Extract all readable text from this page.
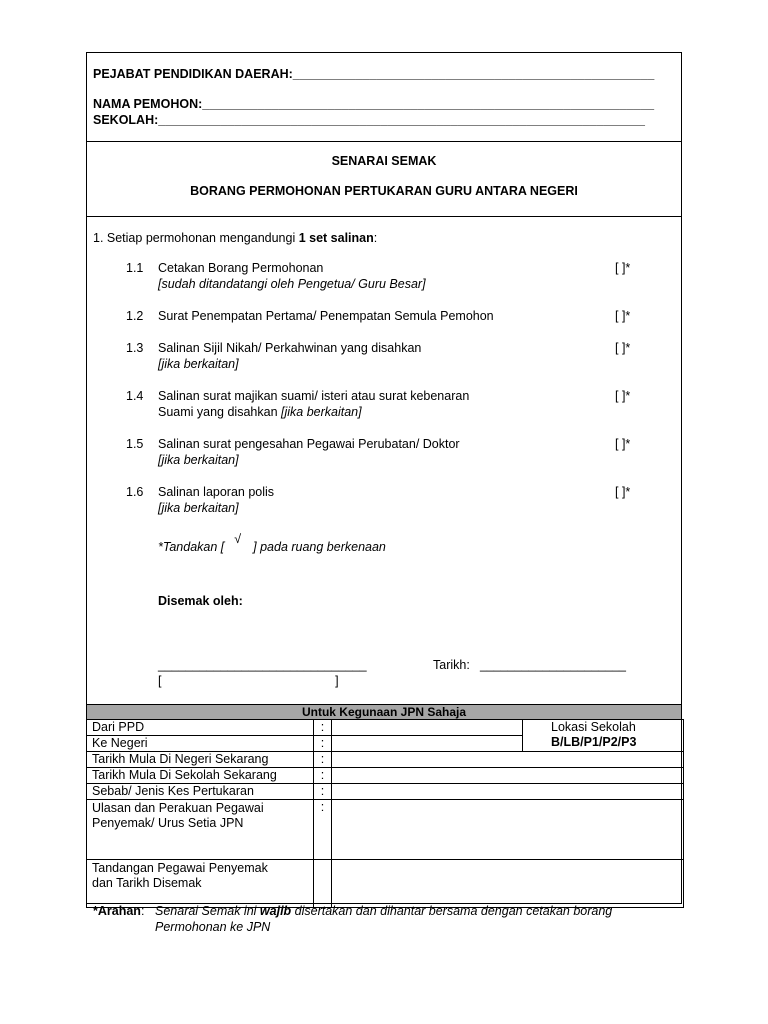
PEJABAT PENDIDIKAN DAERAH:____________________________________________________
NAMA PEMOHON:_________________________________________________________________
SEKOLAH:______________________________________________________________________
SENARAI SEMAK
BORANG PERMOHONAN PERTUKARAN GURU ANTARA NEGERI
1. Setiap permohonan mengandungi 1 set salinan:
1.1 Cetakan Borang Permohonan
[sudah ditandatangi oleh Pengetua/ Guru Besar]
[ ]*
1.2 Surat Penempatan Pertama/ Penempatan Semula Pemohon	[ ]*
1.3 Salinan Sijil Nikah/ Perkahwinan yang disahkan
[jika berkaitan]
[ ]*
1.4 Salinan surat majikan suami/ isteri atau surat kebenaran
Suami yang disahkan [jika berkaitan]
[ ]*
1.5 Salinan surat pengesahan Pegawai Perubatan/ Doktor
[jika berkaitan]
[ ]*
1.6 Salinan laporan polis
[jika berkaitan]
[ ]*
*Tandakan [√] pada ruang berkenaan
Disemak oleh:
______________________________
[                                                  ]
Tarikh: _____________________
Untuk Kegunaan JPN Sahaja
Dari PPD	:		Lokasi Sekolah
B/LB/P1/P2/P3

Ke Negeri	:		
Tarikh Mula Di Negeri Sekarang	:		
Tarikh Mula Di Sekolah Sekarang	:		
Sebab/ Jenis Kes Pertukaran	:		

Ulasan dan Perakuan Pegawai
Penyemak/ Urus Setia JPN	:		

Tandangan Pegawai Penyemak
dan Tarikh Disemak			

*Arahan: Senarai Semak ini wajib disertakan dan dihantar bersama dengan cetakan borang
Permohonan ke JPN
